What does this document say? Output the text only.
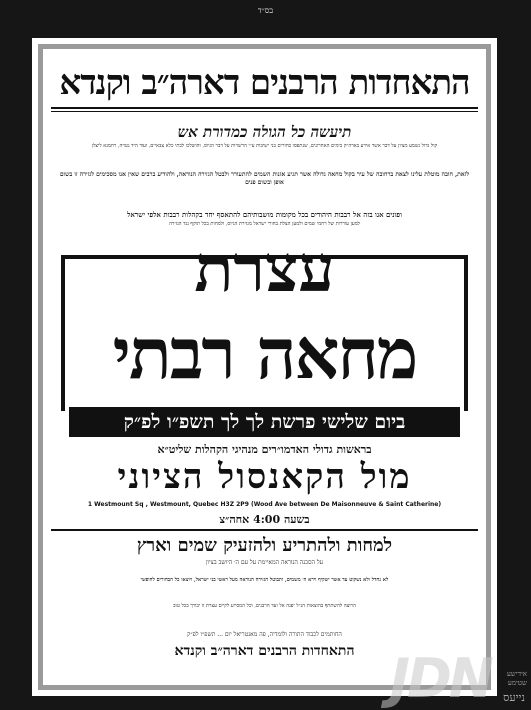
בס״ד
התאחדות הרבנים דארה״ב וקנדא
תיעשה כל הגולה כמדורת אש
קול גדול נשמע מציון על דבר אשר אירע בארה״ק בימים האחרונים, שנתפסו בחורים בני ישיבות ע״י הרשויות על דבר הגיוס, והושלכו לבתי כלא צבאיים, ועוד היד נטויה, רחמנא ליצלן
לזאת, חובה מוטלת עלינו לצאת ברחובה של עיר בקול מחאה גדולה אשר תגיע אזנות השמים להתעורר ולבטל הגזירה הנוראה, ולהודיע ברבים שאין אנו מסכימים לגזירה זו בשום אופן ובשום פנים
ופונים אנו בזה אל רבבות היהודים בכל מקומות מושבותיהם להתאסף יחד בקהלות רבבות אלפי ישראל
למען עוררות של רחמי שמים ולמען הצלת בחורי ישראל מגזירת הגיוס, ולמחות בכל תוקף נגד הגזירה
עצרת
מחאה רבתי
ביום שלישי פרשת לך לך תשפ״ו לפ״ק
בראשות גדולי האדמו״רים מנהיגי הקהלות שליט״א
מול הקאנסול הציוני
1 Westmount Sq , Westmount, Quebec H3Z 2P9 (Wood Ave between De Maisonneuve & Saint Catherine)
בשעה 4:00 אחה״צ
למחות ולהתריע ולהזעיק שמים וארץ
על הסכנה הנוראה המאיימת על עם ה׳ היושב בציון
לא נחדל ולא נשקוט עד אשר ישקיף וירא ה׳ משמים, ותבוטל הגזירה הנוראה מעל ראשי בני ישראל, ויוצאו כל הבחורים לחופשי
הרוצה להשתתף בהוצאות הנ״ל יפנה אל ועד הרבנים, וכל המסייע לקיים עצרת זו יבורך בכל טוב
החותמים לכבוד התורה ולומדיה, פה מאנטריאל יום ... תשפ״ו לפ״ק
התאחדות הרבנים דארה״ב וקנדא JDN	אידישע שטימע
נייעס
